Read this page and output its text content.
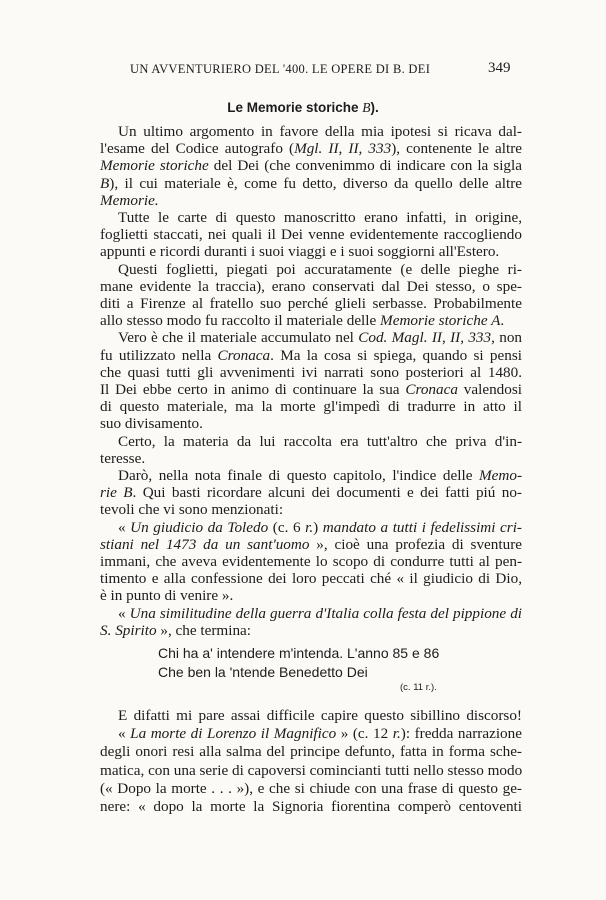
UN AVVENTURIERO DEL '400. LE OPERE DI B. DEI	349
Le Memorie storiche B).
Un ultimo argomento in favore della mia ipotesi si ricava dal-
l'esame del Codice autografo (Mgl. II, II, 333), contenente le altre
Memorie storiche del Dei (che convenimmo di indicare con la sigla
B), il cui materiale è, come fu detto, diverso da quello delle altre
Memorie.
Tutte le carte di questo manoscritto erano infatti, in origine,
foglietti staccati, nei quali il Dei venne evidentemente raccogliendo
appunti e ricordi duranti i suoi viaggi e i suoi soggiorni all'Estero.
Questi foglietti, piegati poi accuratamente (e delle pieghe ri-
mane evidente la traccia), erano conservati dal Dei stesso, o spe-
diti a Firenze al fratello suo perché glieli serbasse. Probabilmente
allo stesso modo fu raccolto il materiale delle Memorie storiche A.
Vero è che il materiale accumulato nel Cod. Magl. II, II, 333, non
fu utilizzato nella Cronaca. Ma la cosa si spiega, quando si pensi
che quasi tutti gli avvenimenti ivi narrati sono posteriori al 1480.
Il Dei ebbe certo in animo di continuare la sua Cronaca valendosi
di questo materiale, ma la morte gl'impedì di tradurre in atto il
suo divisamento.
Certo, la materia da lui raccolta era tutt'altro che priva d'in-
teresse.
Darò, nella nota finale di questo capitolo, l'indice delle Memo-
rie B. Qui basti ricordare alcuni dei documenti e dei fatti piú no-
tevoli che vi sono menzionati:
« Un giudicio da Toledo (c. 6 r.) mandato a tutti i fedelissimi cri-
stiani nel 1473 da un sant'uomo », cioè una profezia di sventure
immani, che aveva evidentemente lo scopo di condurre tutti al pen-
timento e alla confessione dei loro peccati ché « il giudicio di Dio,
è in punto di venire ».
« Una similitudine della guerra d'Italia colla festa del pippione di
S. Spirito », che termina:
E difatti mi pare assai difficile capire questo sibillino discorso!
« La morte di Lorenzo il Magnifico » (c. 12 r.): fredda narrazione
degli onori resi alla salma del principe defunto, fatta in forma sche-
matica, con una serie di capoversi comincianti tutti nello stesso modo
(« Dopo la morte . . . »), e che si chiude con una frase di questo ge-
nere: « dopo la morte la Signoria fiorentina comperò centoventi
Chi ha a' intendere m'intenda. L'anno 85 e 86
Che ben la 'ntende Benedetto Dei
(c. 11 r.).
